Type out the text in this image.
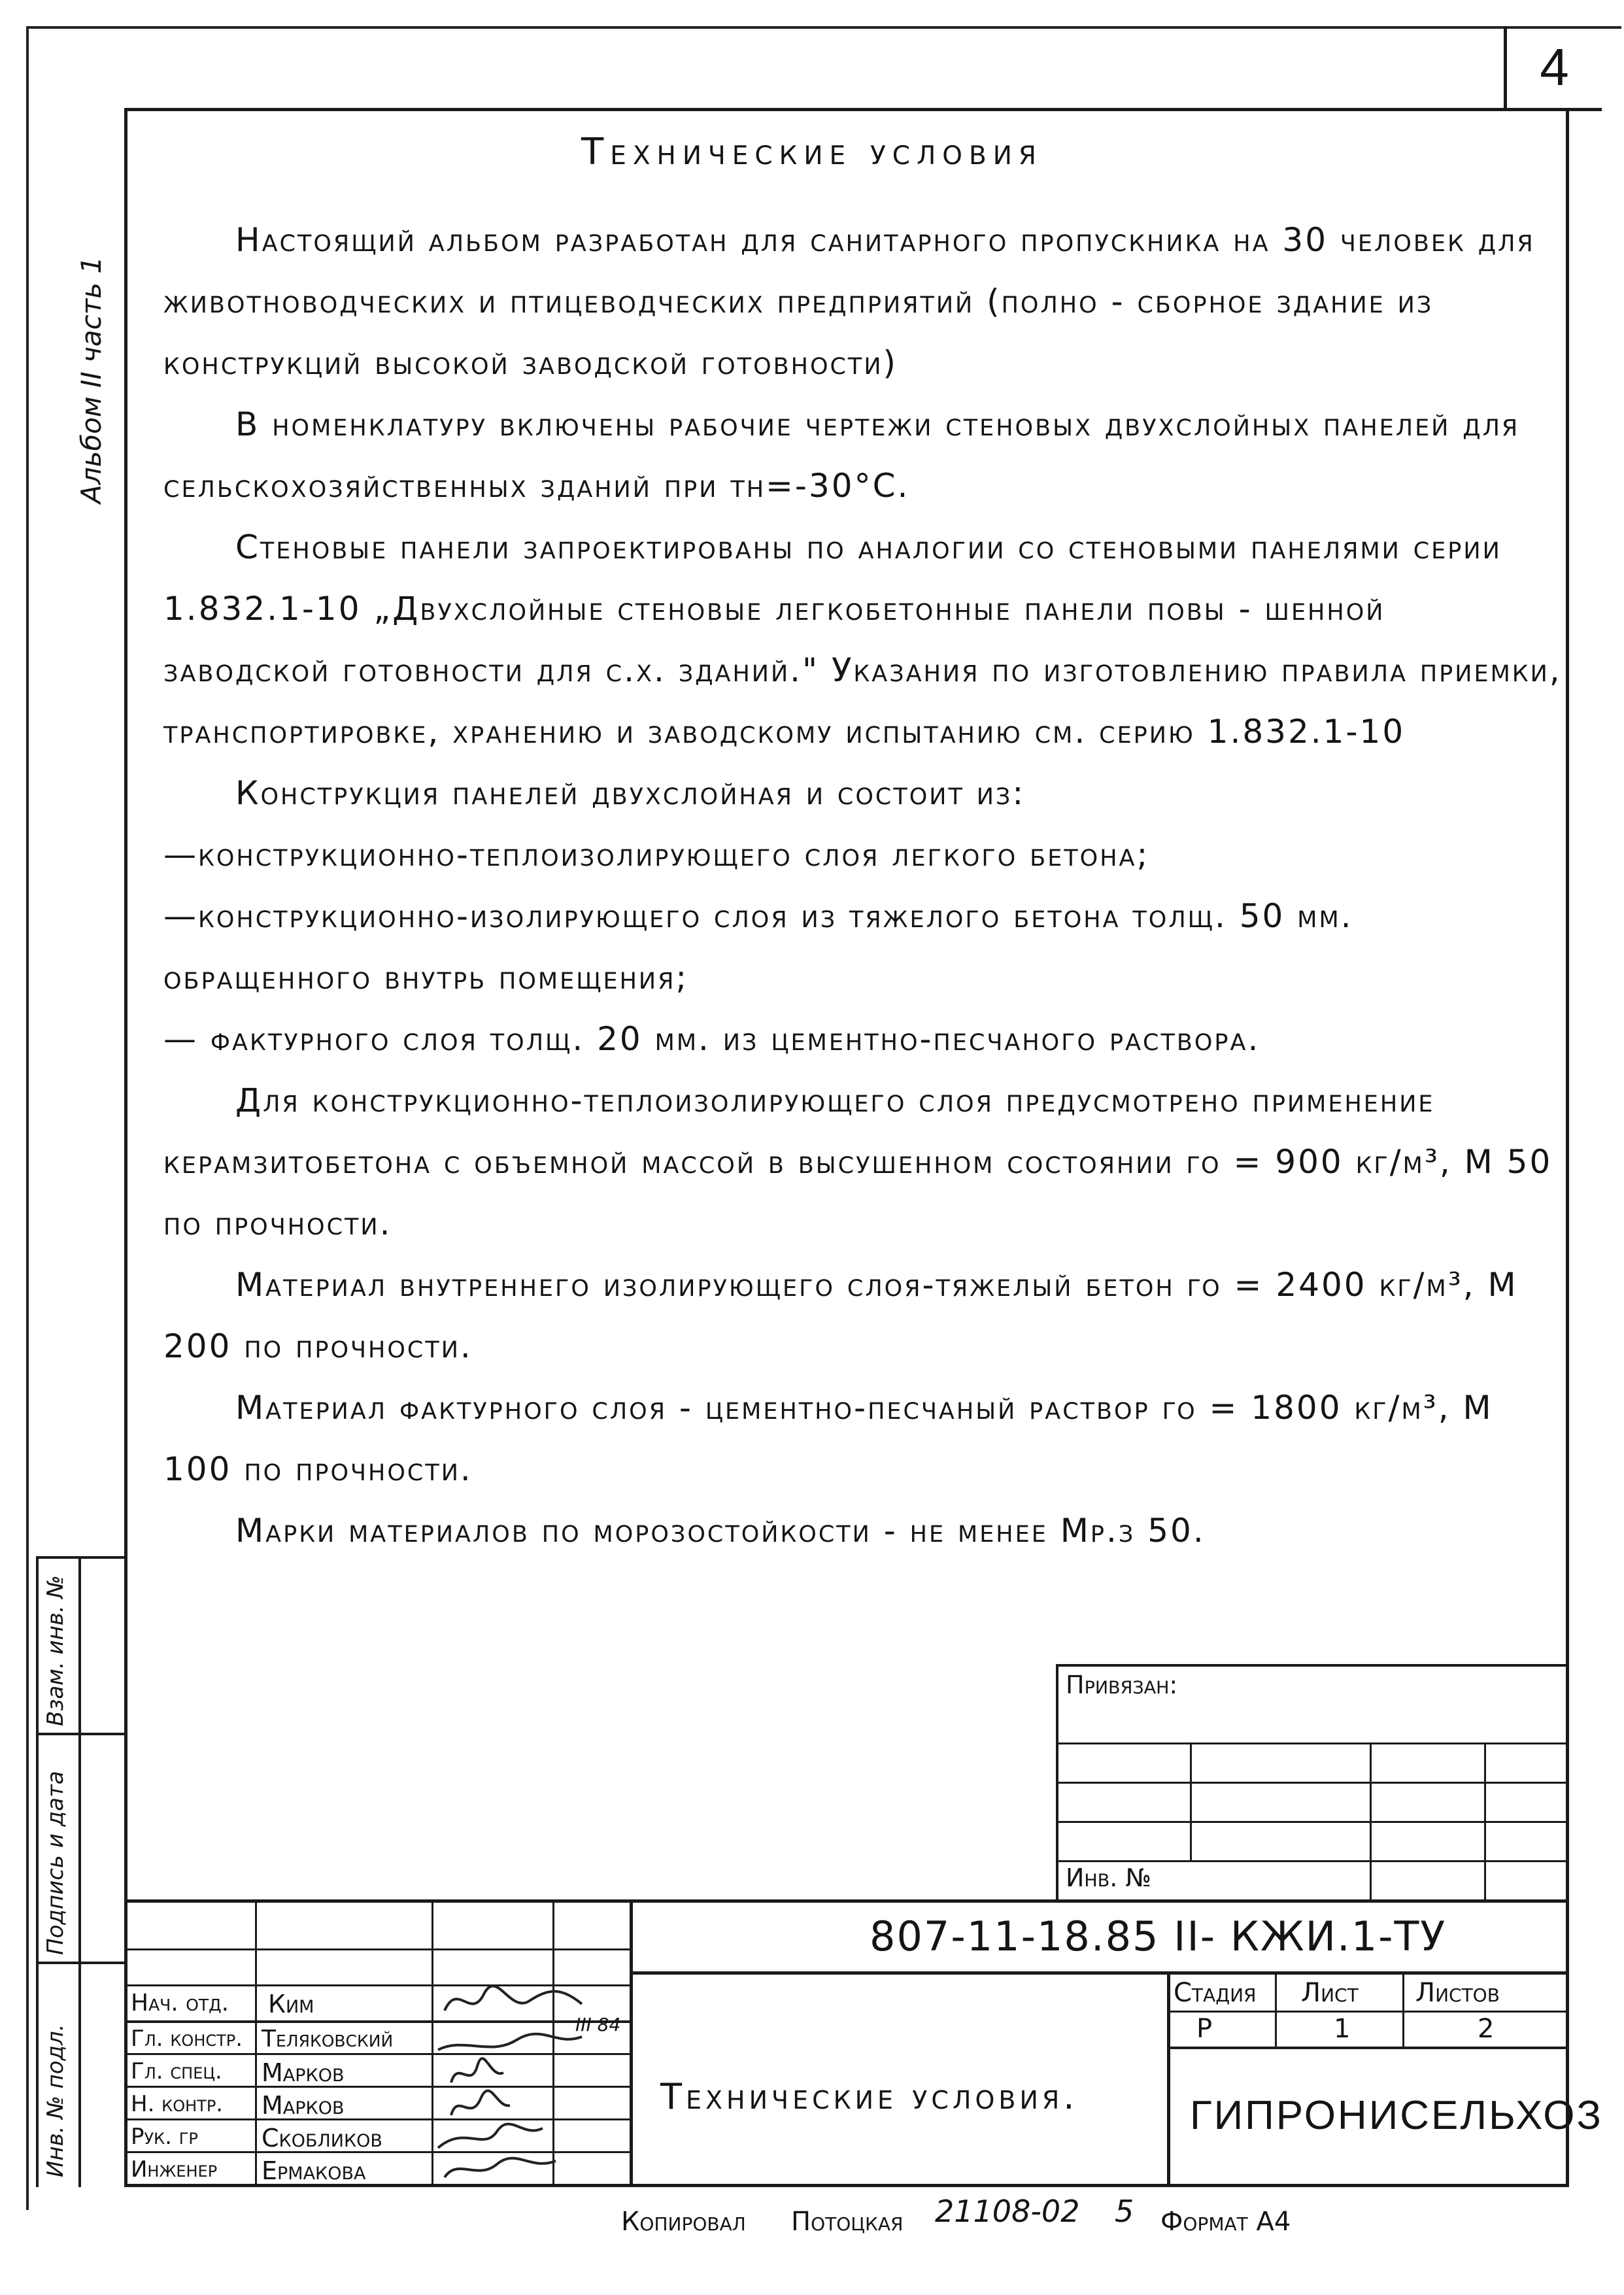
4
Альбом II часть 1
Технические условия
Настоящий альбом разработан для санитарного пропускника на 30 человек для животноводческих и птицеводческих предприятий (полно - сборное здание из конструкций высокой заводской готовности)
В номенклатуру включены рабочие чертежи стеновых двухслойных панелей для сельскохозяйственных зданий при tн=-30°С.
Стеновые панели запроектированы по аналогии со стеновыми панелями серии 1.832.1-10 „Двухслойные стеновые легкобетонные панели повы - шенной заводской готовности для с.х. зданий." Указания по изготовлению правила приемки, транспортировке, хранению и заводскому испытанию см. серию 1.832.1-10
Конструкция панелей двухслойная и состоит из:
—конструкционно-теплоизолирующего слоя легкого бетона;
—конструкционно-изолирующего слоя из тяжелого бетона толщ. 50 мм. обращенного внутрь помещения;
— фактурного слоя толщ. 20 мм. из цементно-песчаного раствора.
Для конструкционно-теплоизолирующего слоя предусмотрено применение керамзитобетона с объемной массой в высушенном состоянии γо = 900 кг/м³, М 50 по прочности.
Материал внутреннего изолирующего слоя-тяжелый бетон γо = 2400 кг/м³, М 200 по прочности.
Материал фактурного слоя - цементно-песчаный раствор γо = 1800 кг/м³, М 100 по прочности.
Марки материалов по морозостойкости - не менее Мр.з 50.
Инв. № подл.
Подпись и дата
Взам. инв. №	Привязан:
Инв. №
Нач. отд. Ким
Гл. констр. Теляковский
Гл. спец. Марков
Н. контр. Марков
Рук. гр	Скобликов
Инженер Ермакова
III 84
807-11-18.85 II- КЖИ.1-ТУ
Технические условия.
Стадия Лист Листов
Р	1	2
ГИПРОНИСЕЛЬХОЗ
Копировал Потоцкая 21108-02 5 Формат А4
